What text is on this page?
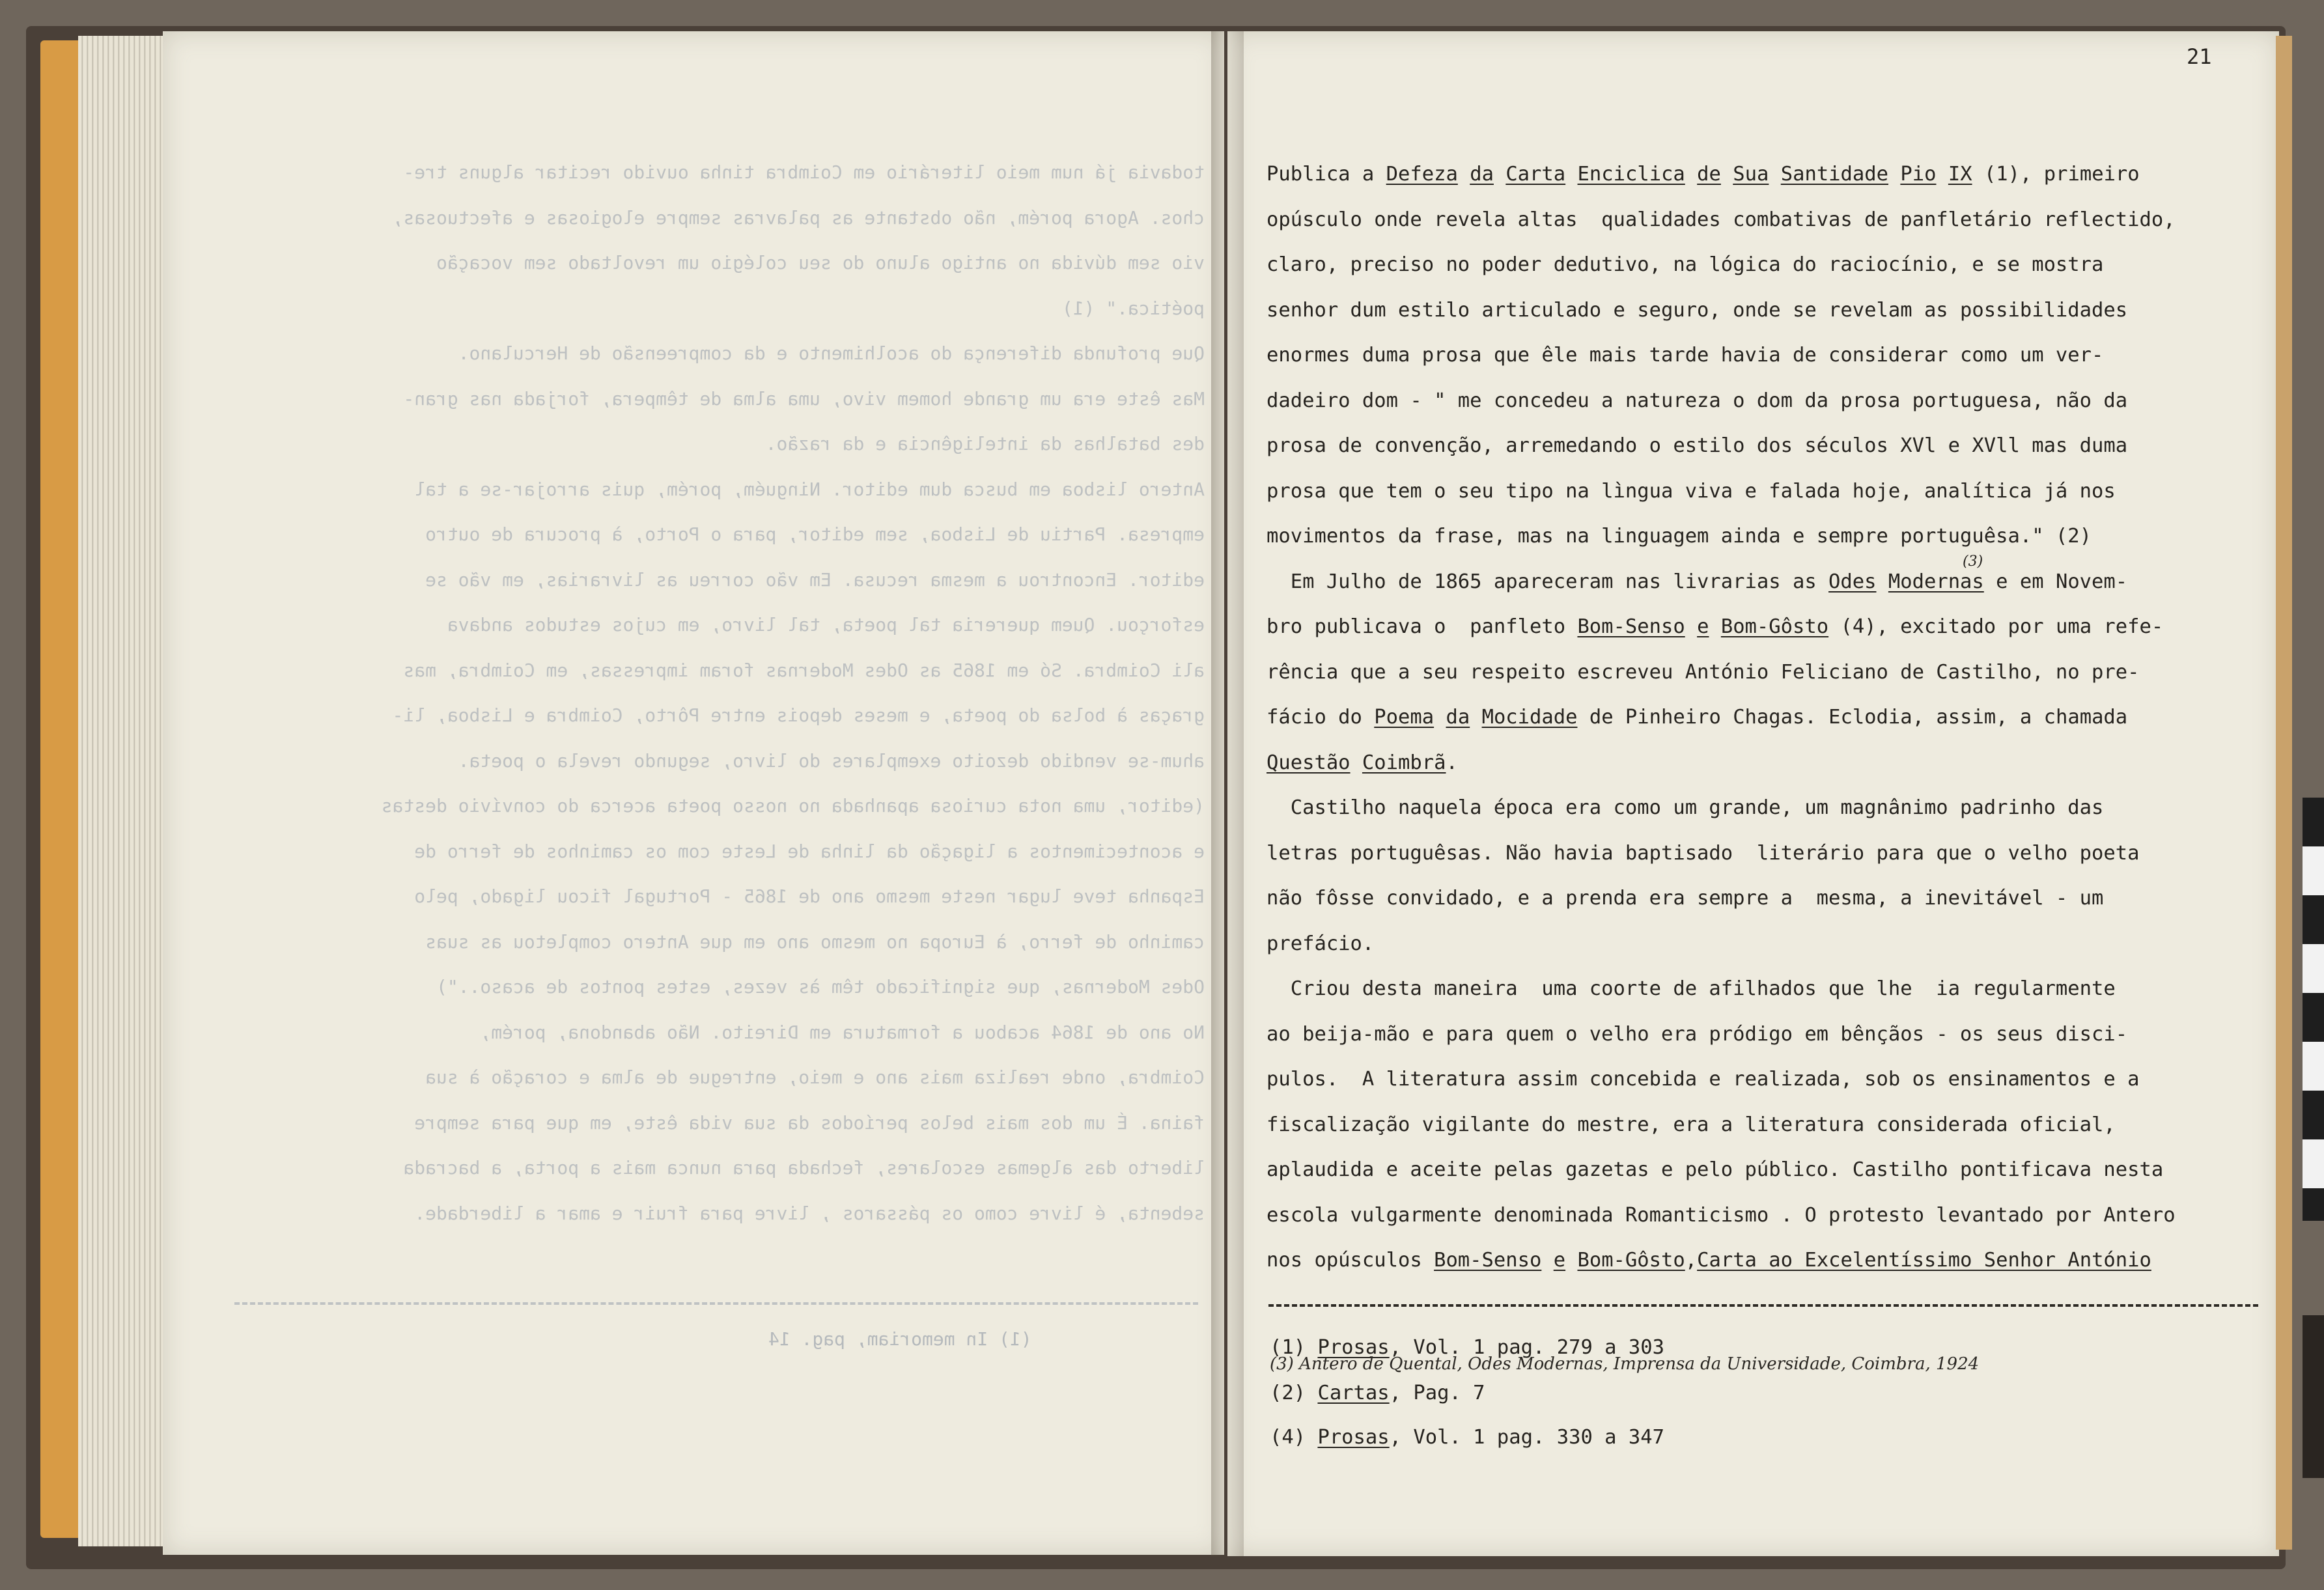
todavia já num meio literário em Coimbra tinha ouvido recitar alguns tre-
chos. Agora porém, não obstante as palavras sempre elogiosas e afectuosas,
vio sem dúvida no antigo aluno do seu colégio um revoltado sem vocação
poética." (1)
Que profunda diferença do acolhimento e da compreensão de Herculano.
Mas êste era um grande homem vivo, uma alma de têmpera, forjada nas gran-
des batalhas da inteligência e da razão.
Antero lisboa em busca dum editor. Ninguém, porém, quis arrojar-se a tal
empresa. Partiu de Lisboa, sem editor, para o Porto, à procura de outro
editor. Encontrou a mesma recusa. Em vão correu as livrarias, em vão se
esforçou. Quem quereria tal poeta, tal livro, em cujos estudos andava
ali Coimbra. Só em 1865 as Odes Modernas foram impressas, em Coimbra, mas
graças à bolsa do poeta, e meses depois entre Pôrto, Coimbra e Lisboa, li-
ahum-se vendido dezoito exemplares do livro, segundo revela o poeta.
(editor, uma nota curiosa apanhada no nosso poeta acerca do convívio destas
e acontecimentos a ligação da linha de Leste com os caminhos de ferro de
Espanha teve lugar neste mesmo ano de 1865 - Portugal ficou ligado, pelo
caminho de ferro, à Europa no mesmo ano em que Antero completou as suas
Odes Modernas, que significado têm às vezes, estes pontos de acaso..")
No ano de 1864 acabou a formatura em Direito. Não abandona, porém,
Coimbra, onde realiza mais ano e meio, entregue de alma e coração à sua
faina. É um dos mais belos períodos da sua vida êste, em que para sempre
liberto das algemas escolares, fechada para nunca mais a porta, a bacrada
sebenta, é livre como os pássaros , livre para fruir e amar a liberdade.
(1) In memoriam, pag. 14
21
Publica a Defeza da Carta Enciclica de Sua Santidade Pio IX (1), primeiro
opúsculo onde revela altas  qualidades combativas de panfletário reflectido,
claro, preciso no poder dedutivo, na lógica do raciocínio, e se mostra
senhor dum estilo articulado e seguro, onde se revelam as possibilidades
enormes duma prosa que êle mais tarde havia de considerar como um ver-
dadeiro dom - " me concedeu a natureza o dom da prosa portuguesa, não da
prosa de convenção, arremedando o estilo dos séculos XVl e XVll mas duma
prosa que tem o seu tipo na lìngua viva e falada hoje, analítica já nos
movimentos da frase, mas na linguagem ainda e sempre portuguêsa." (2)
Em Julho de 1865 apareceram nas livrarias as Odes Modernas e em Novem-
bro publicava o  panfleto Bom-Senso e Bom-Gôsto (4), excitado por uma refe-
rência que a seu respeito escreveu António Feliciano de Castilho, no pre-
fácio do Poema da Mocidade de Pinheiro Chagas. Eclodia, assim, a chamada
Questão Coimbrã.
Castilho naquela época era como um grande, um magnânimo padrinho das
letras portuguêsas. Não havia baptisado  literário para que o velho poeta
não fôsse convidado, e a prenda era sempre a  mesma, a inevitável - um
prefácio.
Criou desta maneira  uma coorte de afilhados que lhe  ia regularmente
ao beija-mão e para quem o velho era pródigo em bênçãos - os seus disci-
pulos.  A literatura assim concebida e realizada, sob os ensinamentos e a
fiscalização vigilante do mestre, era a literatura considerada oficial,
aplaudida e aceite pelas gazetas e pelo público. Castilho pontificava nesta
escola vulgarmente denominada Romanticismo . O protesto levantado por Antero
nos opúsculos Bom-Senso e Bom-Gôsto,Carta ao Excelentíssimo Senhor António
(3)
(1) Prosas, Vol. 1 pag. 279 a 303
(2) Cartas, Pag. 7
(4) Prosas, Vol. 1 pag. 330 a 347
(3) Antero de Quental, Odes Modernas, Imprensa da Universidade, Coimbra, 1924
